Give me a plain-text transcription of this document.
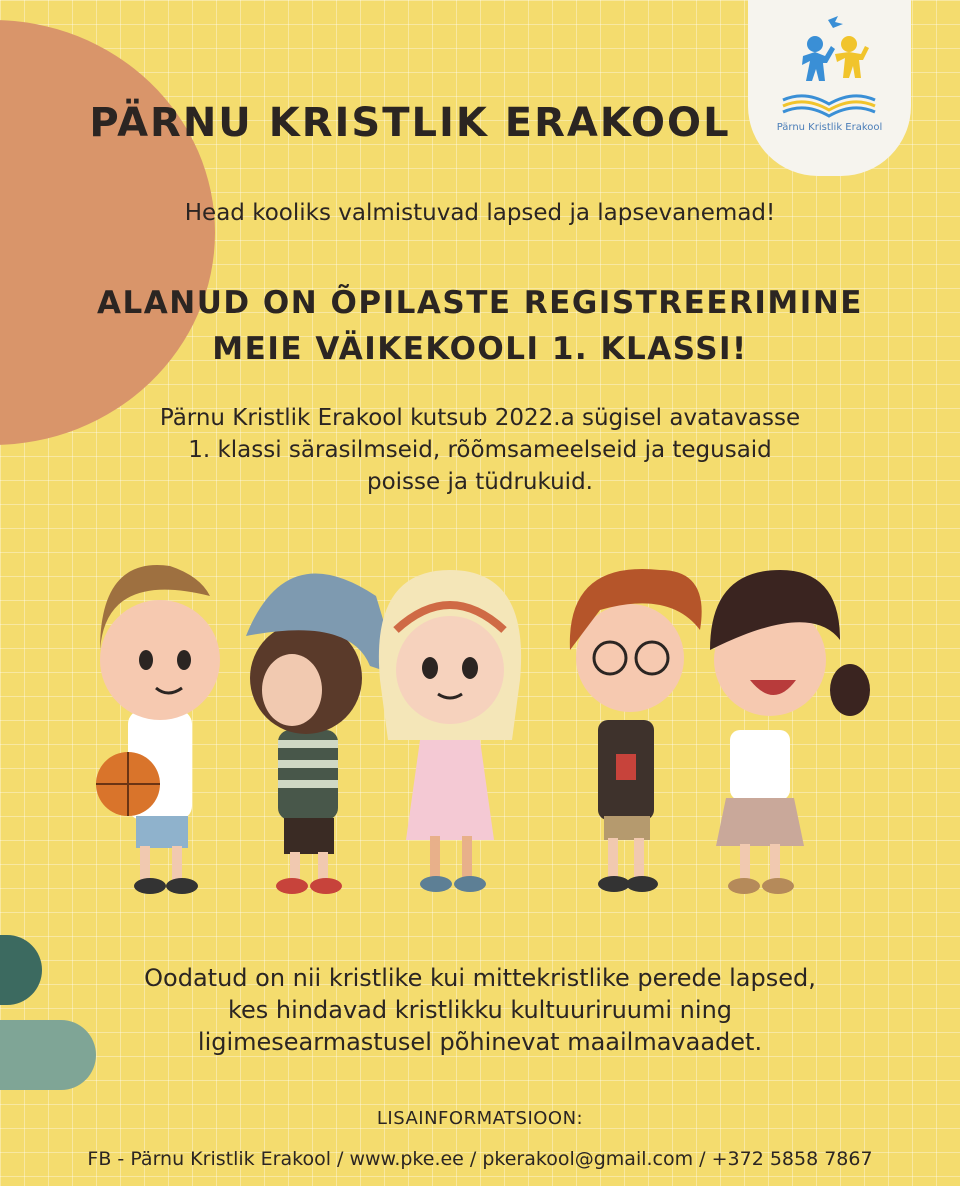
Pärnu Kristlik Erakool
PÄRNU KRISTLIK ERAKOOL
Head kooliks valmistuvad lapsed ja lapsevanemad!
ALANUD ON ÕPILASTE REGISTREERIMINE
MEIE VÄIKEKOOLI 1. KLASSI!
Pärnu Kristlik Erakool kutsub 2022.a sügisel avatavasse
1. klassi särasilmseid, rõõmsameelseid ja tegusaid
poisse ja tüdrukuid.
Oodatud on nii kristlike kui mittekristlike perede lapsed,
kes hindavad kristlikku kultuuriruumi ning
ligimesearmastusel põhinevat maailmavaadet.
LISAINFORMATSIOON:
FB - Pärnu Kristlik Erakool / www.pke.ee / pkerakool@gmail.com / +372 5858 7867
